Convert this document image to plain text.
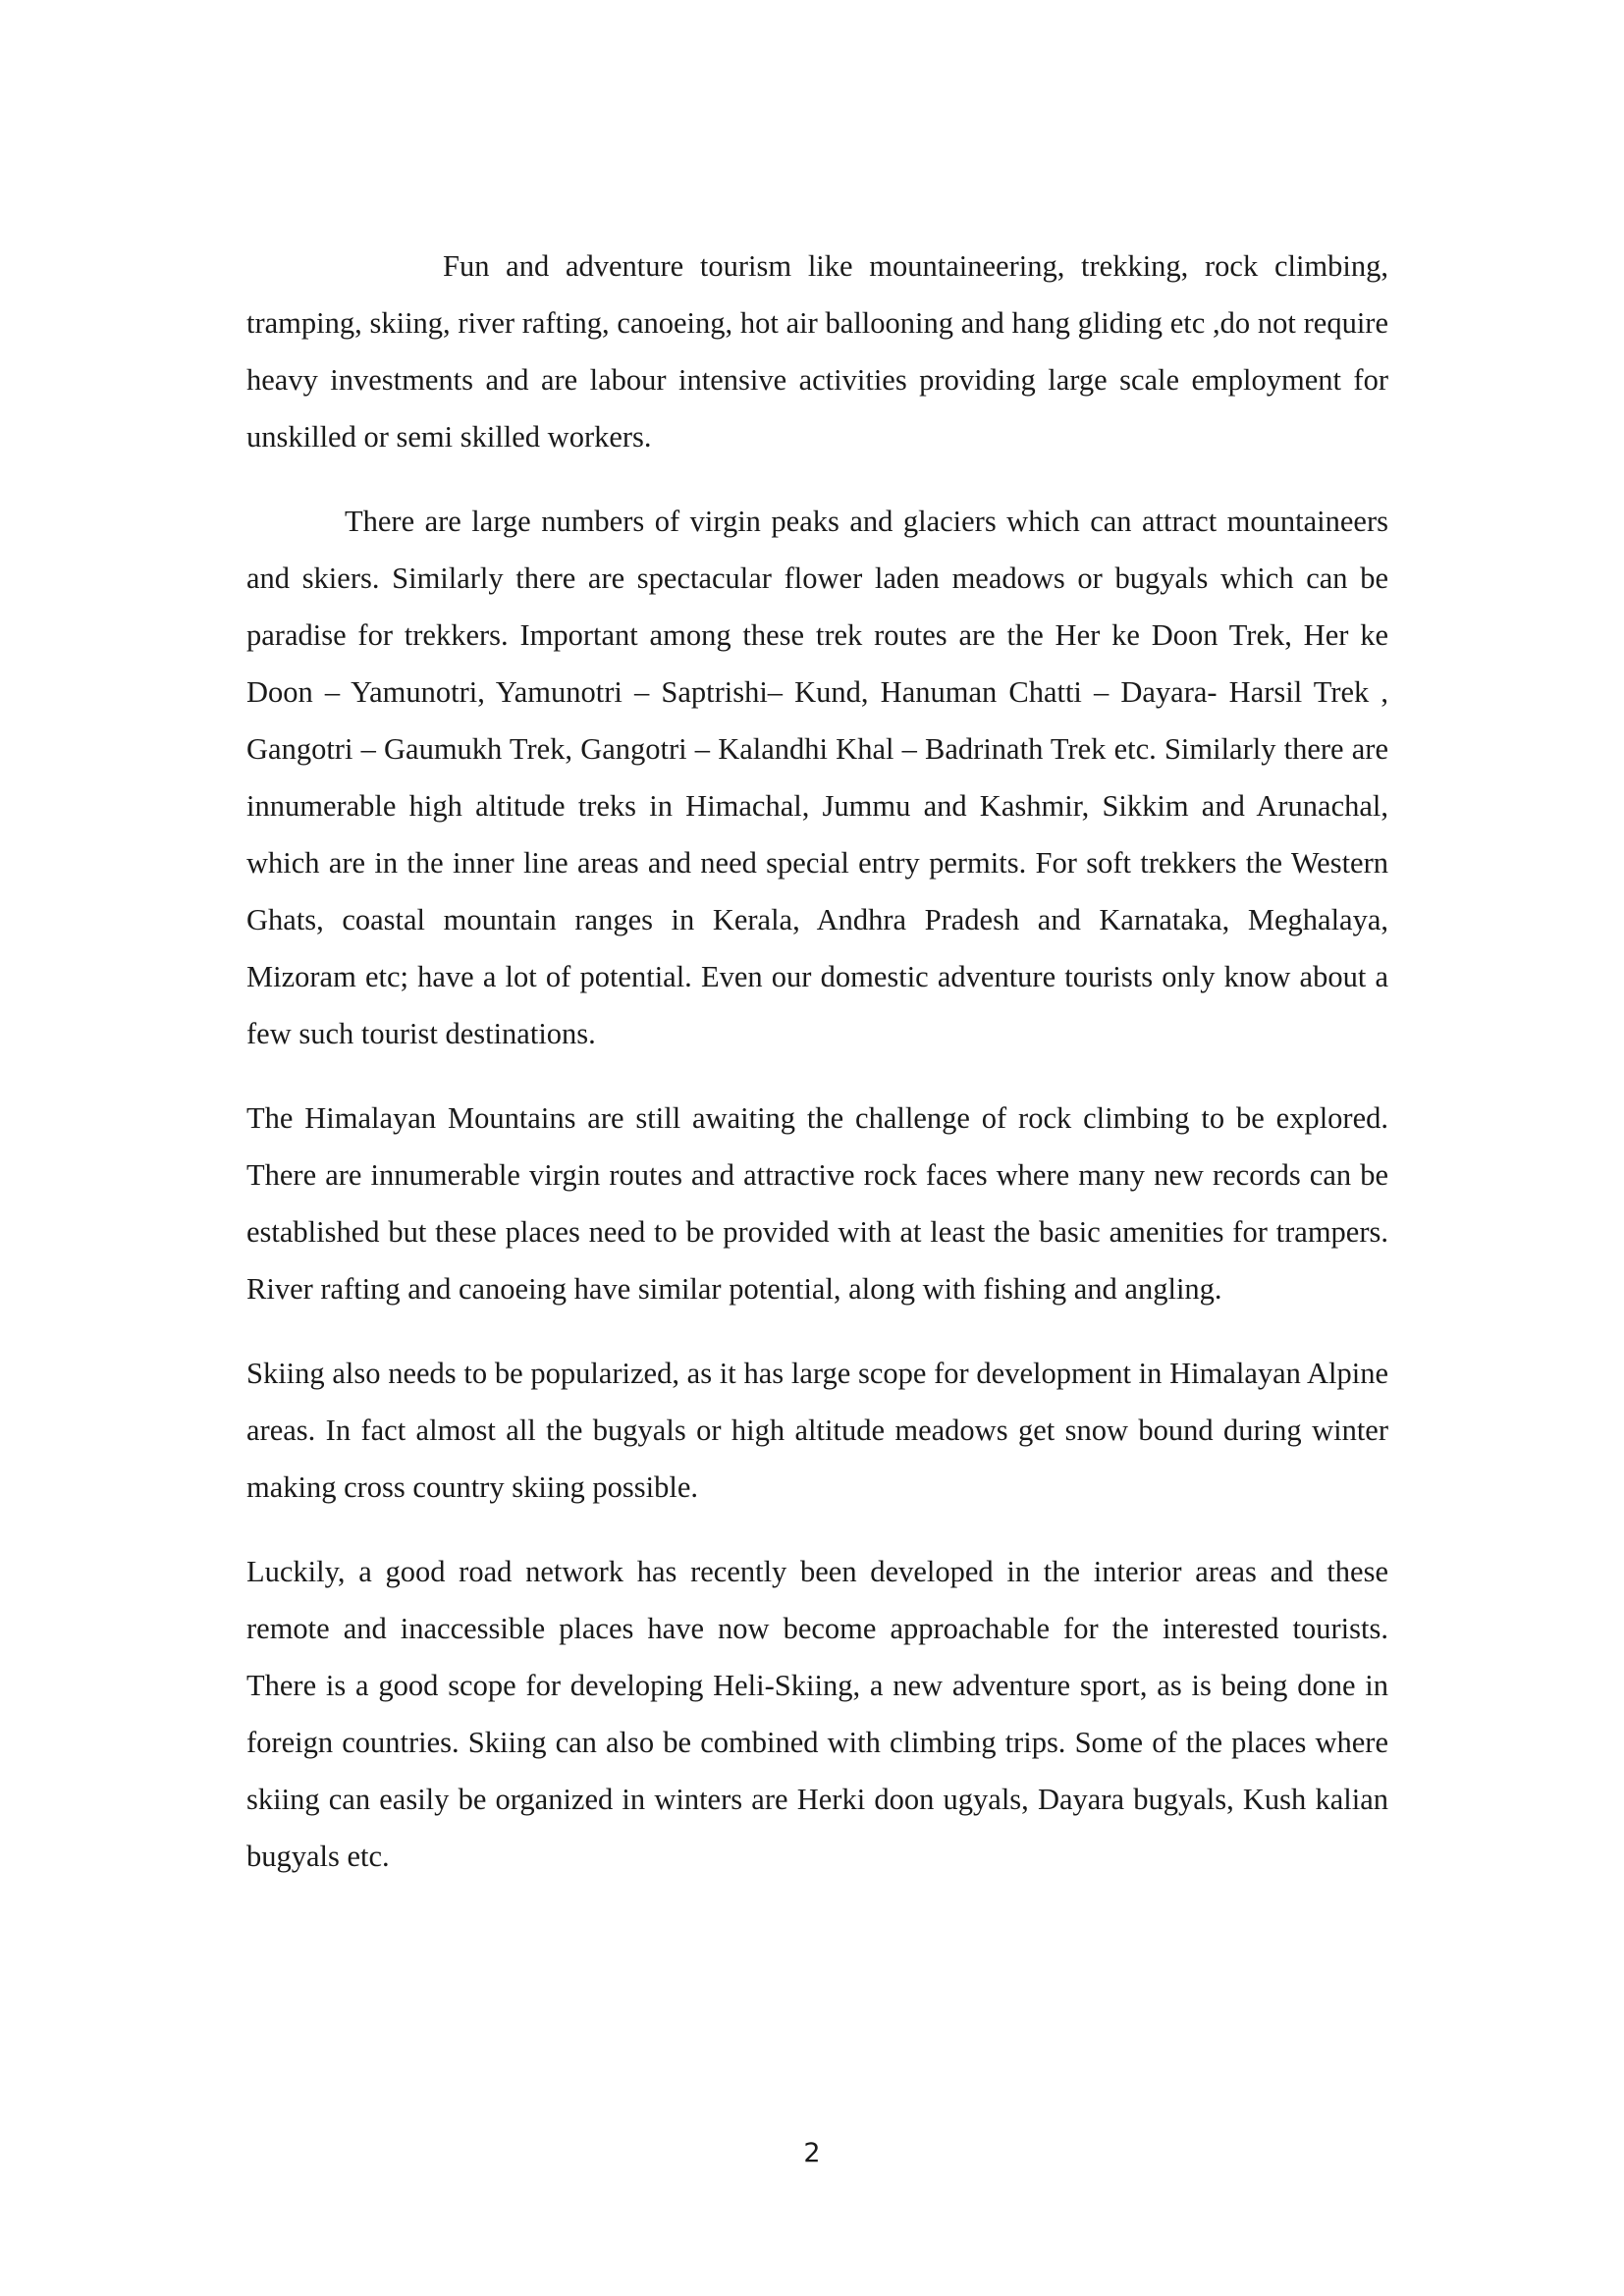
Fun and adventure tourism like mountaineering, trekking, rock climbing, tramping, skiing, river rafting, canoeing, hot air ballooning and hang gliding etc ,do not require heavy investments and are labour intensive activities providing large scale employment for unskilled or semi skilled workers.

There are large numbers of virgin peaks and glaciers which can attract mountaineers and skiers. Similarly there are spectacular flower laden meadows or bugyals which can be paradise for trekkers. Important among these trek routes are the Her ke Doon Trek, Her ke Doon – Yamunotri, Yamunotri – Saptrishi– Kund, Hanuman Chatti – Dayara- Harsil Trek , Gangotri – Gaumukh Trek, Gangotri – Kalandhi Khal – Badrinath Trek etc. Similarly there are innumerable high altitude treks in Himachal, Jummu and Kashmir, Sikkim and Arunachal, which are in the inner line areas and need special entry permits. For soft trekkers the Western Ghats, coastal mountain ranges in Kerala, Andhra Pradesh and Karnataka, Meghalaya, Mizoram etc; have a lot of potential. Even our domestic adventure tourists only know about a few such tourist destinations.

The Himalayan Mountains are still awaiting the challenge of rock climbing to be explored. There are innumerable virgin routes and attractive rock faces where many new records can be established but these places need to be provided with at least the basic amenities for trampers. River rafting and canoeing have similar potential, along with fishing and angling.

Skiing also needs to be popularized, as it has large scope for development in Himalayan Alpine areas. In fact almost all the bugyals or high altitude meadows get snow bound during winter making cross country skiing possible.

Luckily, a good road network has recently been developed in the interior areas and these remote and inaccessible places have now become approachable for the interested tourists. There is a good scope for developing Heli-Skiing, a new adventure sport, as is being done in foreign countries. Skiing can also be combined with climbing trips. Some of the places where skiing can easily be organized in winters are Herki doon ugyals, Dayara bugyals, Kush kalian bugyals etc.

2
